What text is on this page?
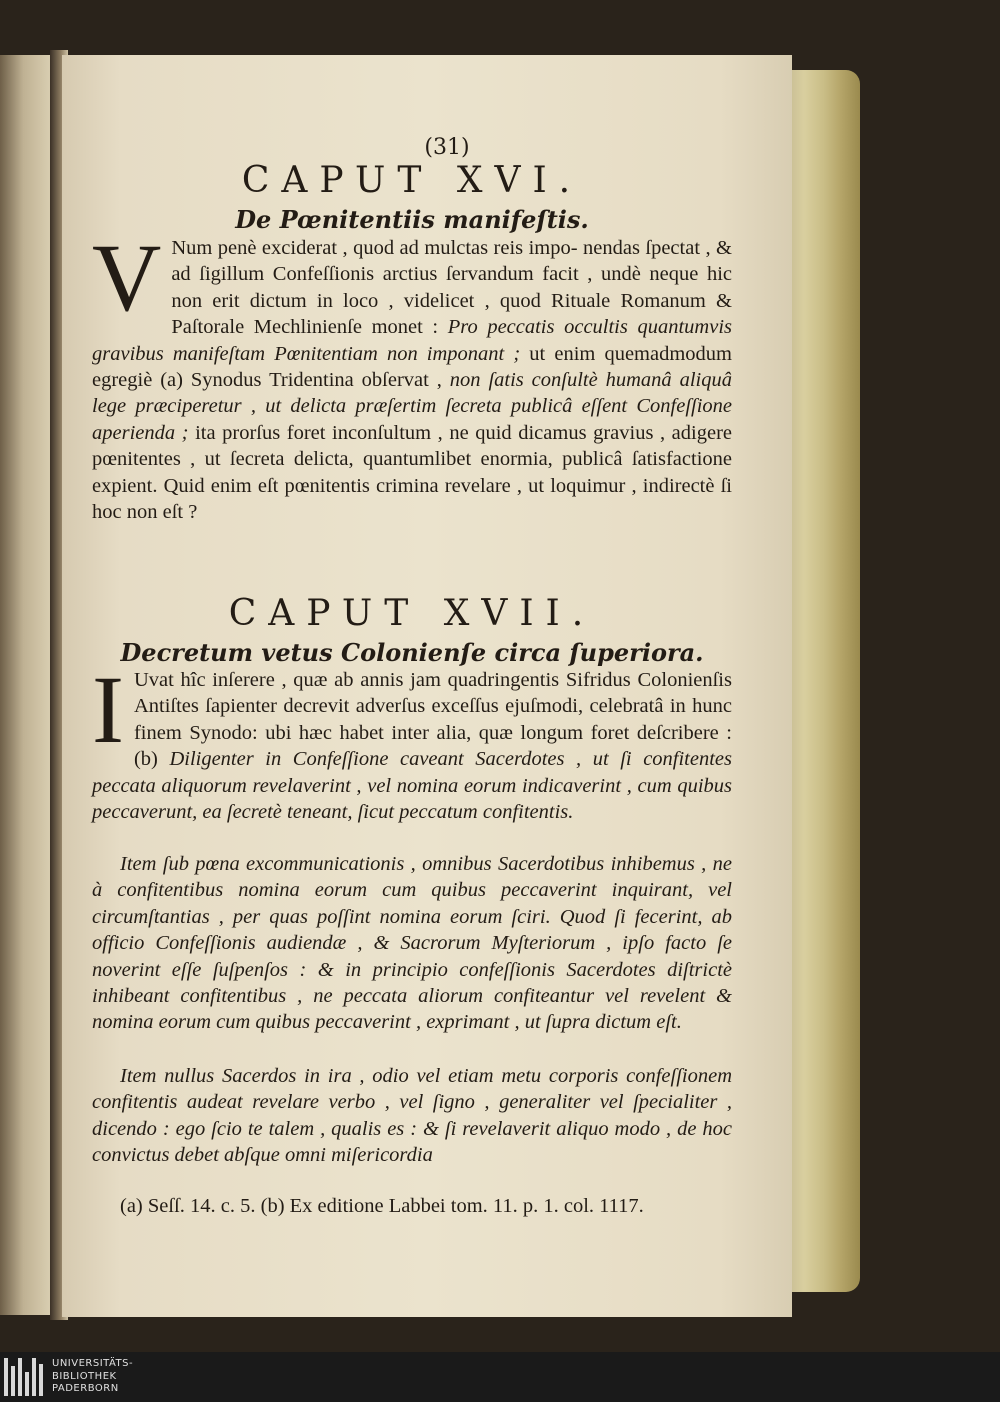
(31)
CAPUT XVI.
De Pœnitentiis manifeſtis.
V Num penè exciderat , quod ad mulctas reis impo- nendas ſpectat , & ad ſigillum Confeſſionis arctius ſervandum facit , undè neque hic non erit dictum in loco , videlicet , quod Rituale Romanum & Paſtorale Mechlinienſe monet : Pro peccatis occultis quantumvis gravibus manifeſtam Pœnitentiam non imponant ; ut enim quemadmodum egregiè (a) Synodus Tridentina obſervat , non ſatis conſultè humanâ aliquâ lege præciperetur , ut delicta præſertim ſecreta publicâ eſſent Confeſſione aperienda ; ita prorſus foret inconſultum , ne quid dicamus gravius , adigere pœnitentes , ut ſecreta delicta, quantumlibet enormia, publicâ ſatisfactione expient. Quid enim eſt pœnitentis crimina revelare , ut loquimur , indirectè ſi hoc non eſt ?
CAPUT XVII.
Decretum vetus Colonienſe circa ſuperiora.
I Uvat hîc inſerere , quæ ab annis jam quadringentis Sifridus Colonienſis Antiſtes ſapienter decrevit adverſus exceſſus ejuſmodi, celebratâ in hunc finem Synodo: ubi hæc habet inter alia, quæ longum foret deſcribere : (b) Diligenter in Confeſſione caveant Sacerdotes , ut ſi confitentes peccata aliquorum revelaverint , vel nomina eorum indicaverint , cum quibus peccaverunt, ea ſecretè teneant, ſicut peccatum confitentis.
Item ſub pœna excommunicationis , omnibus Sacerdotibus inhibemus , ne à confitentibus nomina eorum cum quibus peccaverint inquirant, vel circumſtantias , per quas poſſint nomina eorum ſciri. Quod ſi fecerint, ab officio Confeſſionis audiendæ , & Sacrorum Myſteriorum , ipſo facto ſe noverint eſſe ſuſpenſos : & in principio confeſſionis Sacerdotes diſtrictè inhibeant confitentibus , ne peccata aliorum confiteantur vel revelent & nomina eorum cum quibus peccaverint , exprimant , ut ſupra dictum eſt.
Item nullus Sacerdos in ira , odio vel etiam metu corporis confeſſionem confitentis audeat revelare verbo , vel ſigno , generaliter vel ſpecialiter , dicendo : ego ſcio te talem , qualis es : & ſi revelaverit aliquo modo , de hoc convictus debet abſque omni miſericordia
(a) Seſſ. 14. c. 5. (b) Ex editione Labbei tom. 11. p. 1. col. 1117.
UNIVERSITÄTS-
BIBLIOTHEK
PADERBORN
